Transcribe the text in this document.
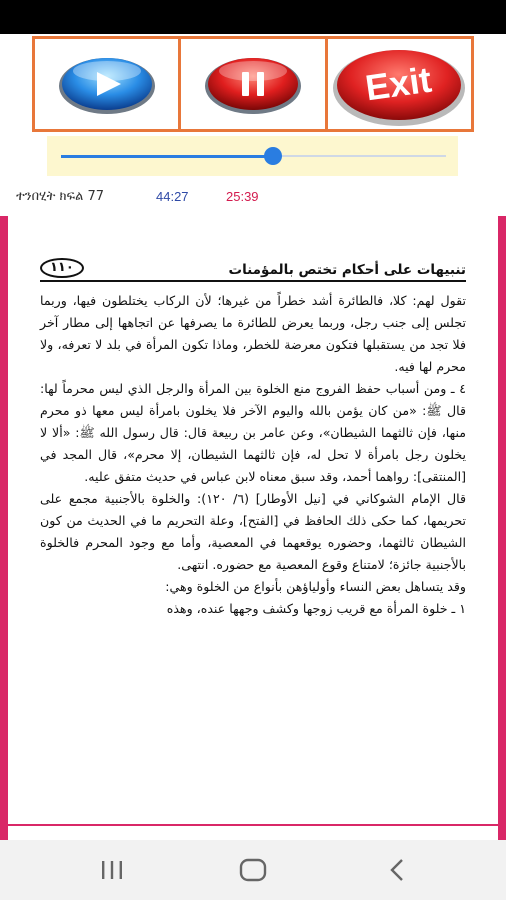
Exit
ተንበሂት ክፍል 77	44:27	25:39
تنبيهات على أحكام تختص بالمؤمنات
١١٠

تقول لهم: كلا، فالطائرة أشد خطراً من غيرها؛ لأن الركاب يختلطون فيها، وربما تجلس إلى جنب رجل، وربما يعرض للطائرة ما يصرفها عن اتجاهها إلى مطار آخر فلا تجد من يستقبلها فتكون معرضة للخطر، وماذا تكون المرأة في بلد لا تعرفه، ولا محرم لها فيه.

٤ ـ ومن أسباب حفظ الفروج منع الخلوة بين المرأة والرجل الذي ليس محرماً لها: قال ﷺ: «من كان يؤمن بالله واليوم الآخر فلا يخلون بامرأة ليس معها ذو محرم منها، فإن ثالثهما الشيطان»، وعن عامر بن ربيعة قال: قال رسول الله ﷺ: «ألا لا يخلون رجل بامرأة لا تحل له، فإن ثالثهما الشيطان، إلا محرم»، قال المجد في [المنتقى]: رواهما أحمد، وقد سبق معناه لابن عباس في حديث متفق عليه.

قال الإمام الشوكاني في [نيل الأوطار] (٦/ ١٢٠): والخلوة بالأجنبية مجمع على تحريمها، كما حكى ذلك الحافظ في [الفتح]، وعلة التحريم ما في الحديث من كون الشيطان ثالثهما، وحضوره يوقعهما في المعصية، وأما مع وجود المحرم فالخلوة بالأجنبية جائزة؛ لامتناع وقوع المعصية مع حضوره. انتهى.

وقد يتساهل بعض النساء وأولياؤهن بأنواع من الخلوة وهي:

١ ـ خلوة المرأة مع قريب زوجها وكشف وجهها عنده، وهذه
